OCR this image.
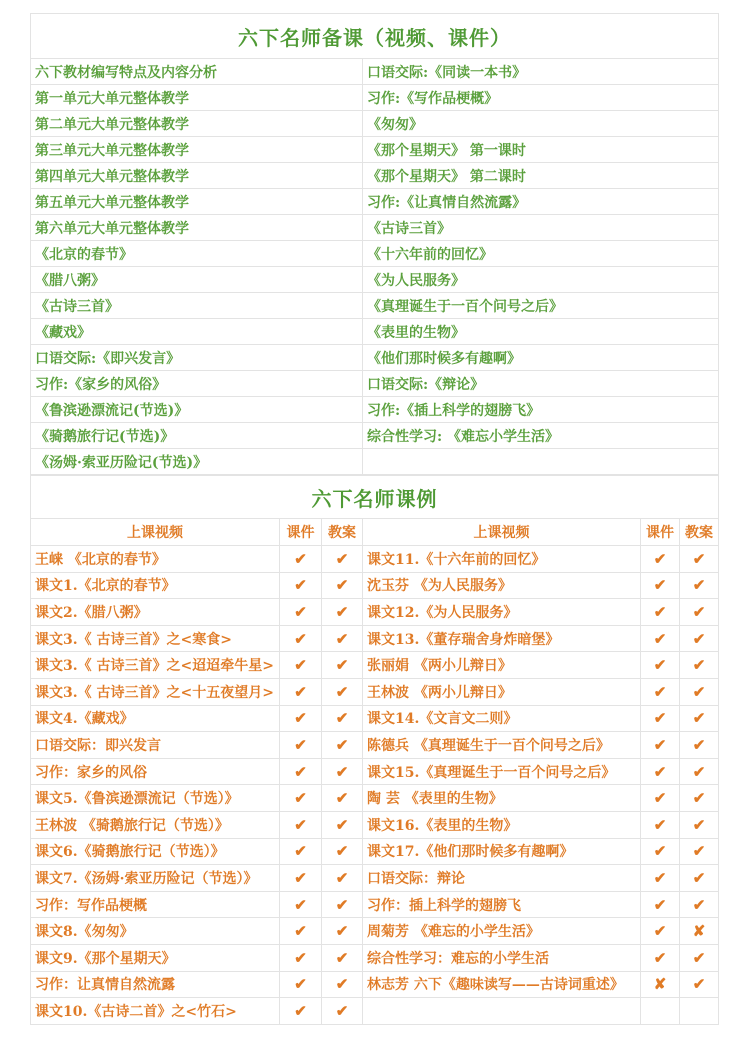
六下名师备课（视频、课件）	
六下教材编写特点及内容分析	口语交际:《同读一本书》
第一单元大单元整体教学	习作:《写作品梗概》
第二单元大单元整体教学	《匆匆》
第三单元大单元整体教学	《那个星期天》 第一课时
第四单元大单元整体教学	《那个星期天》 第二课时
第五单元大单元整体教学	习作:《让真情自然流露》
第六单元大单元整体教学	《古诗三首》
《北京的春节》	《十六年前的回忆》
《腊八粥》	《为人民服务》
《古诗三首》	《真理诞生于一百个问号之后》
《藏戏》	《表里的生物》
口语交际:《即兴发言》	《他们那时候多有趣啊》
习作:《家乡的风俗》	口语交际:《辩论》
《鲁滨逊漂流记(节选)》	习作:《插上科学的翅膀飞》
《骑鹅旅行记(节选)》	综合性学习: 《难忘小学生活》
《汤姆·索亚历险记(节选)》	
六下名师课例					
上课视频	课件	教案	上课视频	课件	教案
王崃 《北京的春节》	✔	✔	课文11.《十六年前的回忆》	✔	✔
课文1.《北京的春节》	✔	✔	沈玉芬 《为人民服务》	✔	✔
课文2.《腊八粥》	✔	✔	课文12.《为人民服务》	✔	✔
课文3.《 古诗三首》之<寒食>	✔	✔	课文13.《董存瑞舍身炸暗堡》	✔	✔
课文3.《 古诗三首》之<迢迢牵牛星>	✔	✔	张丽娟 《两小儿辩日》	✔	✔
课文3.《 古诗三首》之<十五夜望月>	✔	✔	王林波 《两小儿辩日》	✔	✔
课文4.《藏戏》	✔	✔	课文14.《文言文二则》	✔	✔
口语交际：即兴发言	✔	✔	陈德兵 《真理诞生于一百个问号之后》	✔	✔
习作：家乡的风俗	✔	✔	课文15.《真理诞生于一百个问号之后》	✔	✔
课文5.《鲁滨逊漂流记（节选）》	✔	✔	陶 芸 《表里的生物》	✔	✔
王林波 《骑鹅旅行记（节选）》	✔	✔	课文16.《表里的生物》	✔	✔
课文6.《骑鹅旅行记（节选）》	✔	✔	课文17.《他们那时候多有趣啊》	✔	✔
课文7.《汤姆·索亚历险记（节选）》	✔	✔	口语交际：辩论	✔	✔
习作：写作品梗概	✔	✔	习作：插上科学的翅膀飞	✔	✔
课文8.《匆匆》	✔	✔	周菊芳 《难忘的小学生活》	✔	✘
课文9.《那个星期天》	✔	✔	综合性学习：难忘的小学生活	✔	✔
习作：让真情自然流露	✔	✔	林志芳 六下《趣味读写——古诗词重述》	✘	✔
课文10.《古诗二首》之<竹石>	✔	✔			
